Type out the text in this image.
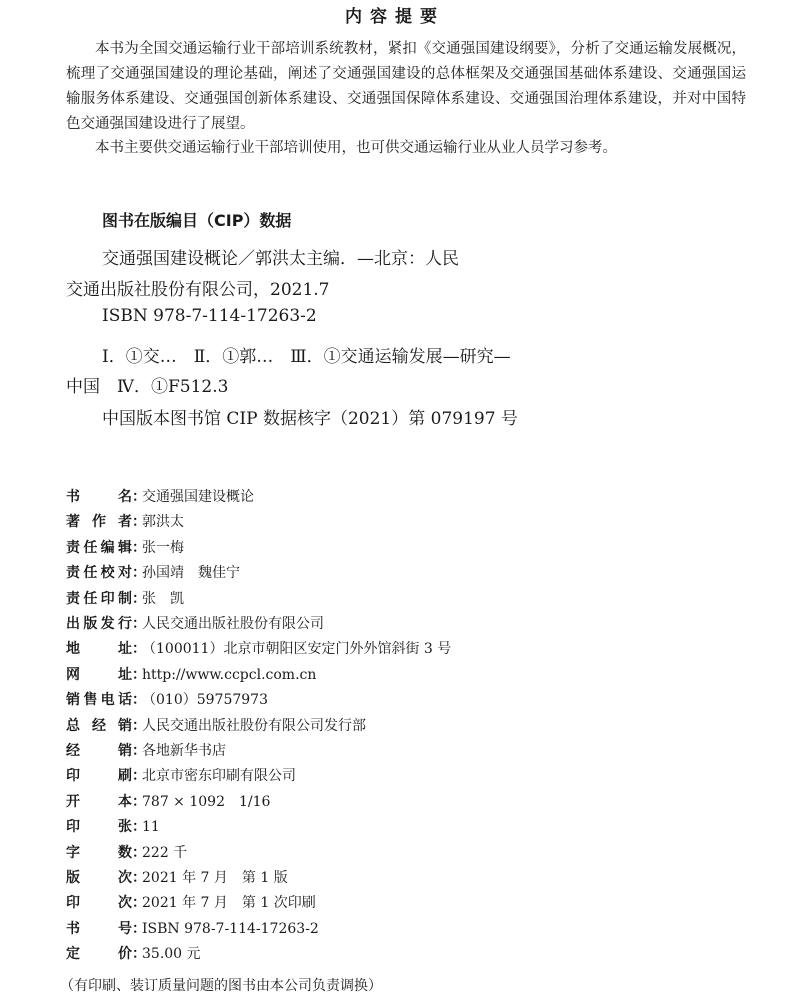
内容提要
本书为全国交通运输行业干部培训系统教材，紧扣《交通强国建设纲要》，分析了交通运输发展概况，梳理了交通强国建设的理论基础，阐述了交通强国建设的总体框架及交通强国基础体系建设、交通强国运输服务体系建设、交通强国创新体系建设、交通强国保障体系建设、交通强国治理体系建设，并对中国特色交通强国建设进行了展望。
本书主要供交通运输行业干部培训使用，也可供交通运输行业从业人员学习参考。
图书在版编目（CIP）数据
交通强国建设概论／郭洪太主编．—北京：人民
交通出版社股份有限公司，2021.7
ISBN 978-7-114-17263-2
Ⅰ．①交…　Ⅱ．①郭…　Ⅲ．①交通运输发展—研究—
中国　Ⅳ．①F512.3
中国版本图书馆 CIP 数据核字（2021）第 079197 号
书名 ：
交通强国建设概论
著作者 ：
郭洪太
责任编辑 ：
张一梅
责任校对 ：
孙国靖　魏佳宁
责任印制 ：
张　凯
出版发行 ：
人民交通出版社股份有限公司
地址 ：
（100011）北京市朝阳区安定门外外馆斜街 3 号
网址 ：
http://www.ccpcl.com.cn
销售电话 ：
（010）59757973
总经销 ：
人民交通出版社股份有限公司发行部
经销 ：
各地新华书店
印刷 ：
北京市密东印刷有限公司
开本 ：
787 × 1092　1/16
印张 ：
11
字数 ：
222 千
版次 ：
2021 年 7 月　第 1 版
印次 ：
2021 年 7 月　第 1 次印刷
书号 ：
ISBN 978-7-114-17263-2
定价 ：
35.00 元
（有印刷、装订质量问题的图书由本公司负责调换）
